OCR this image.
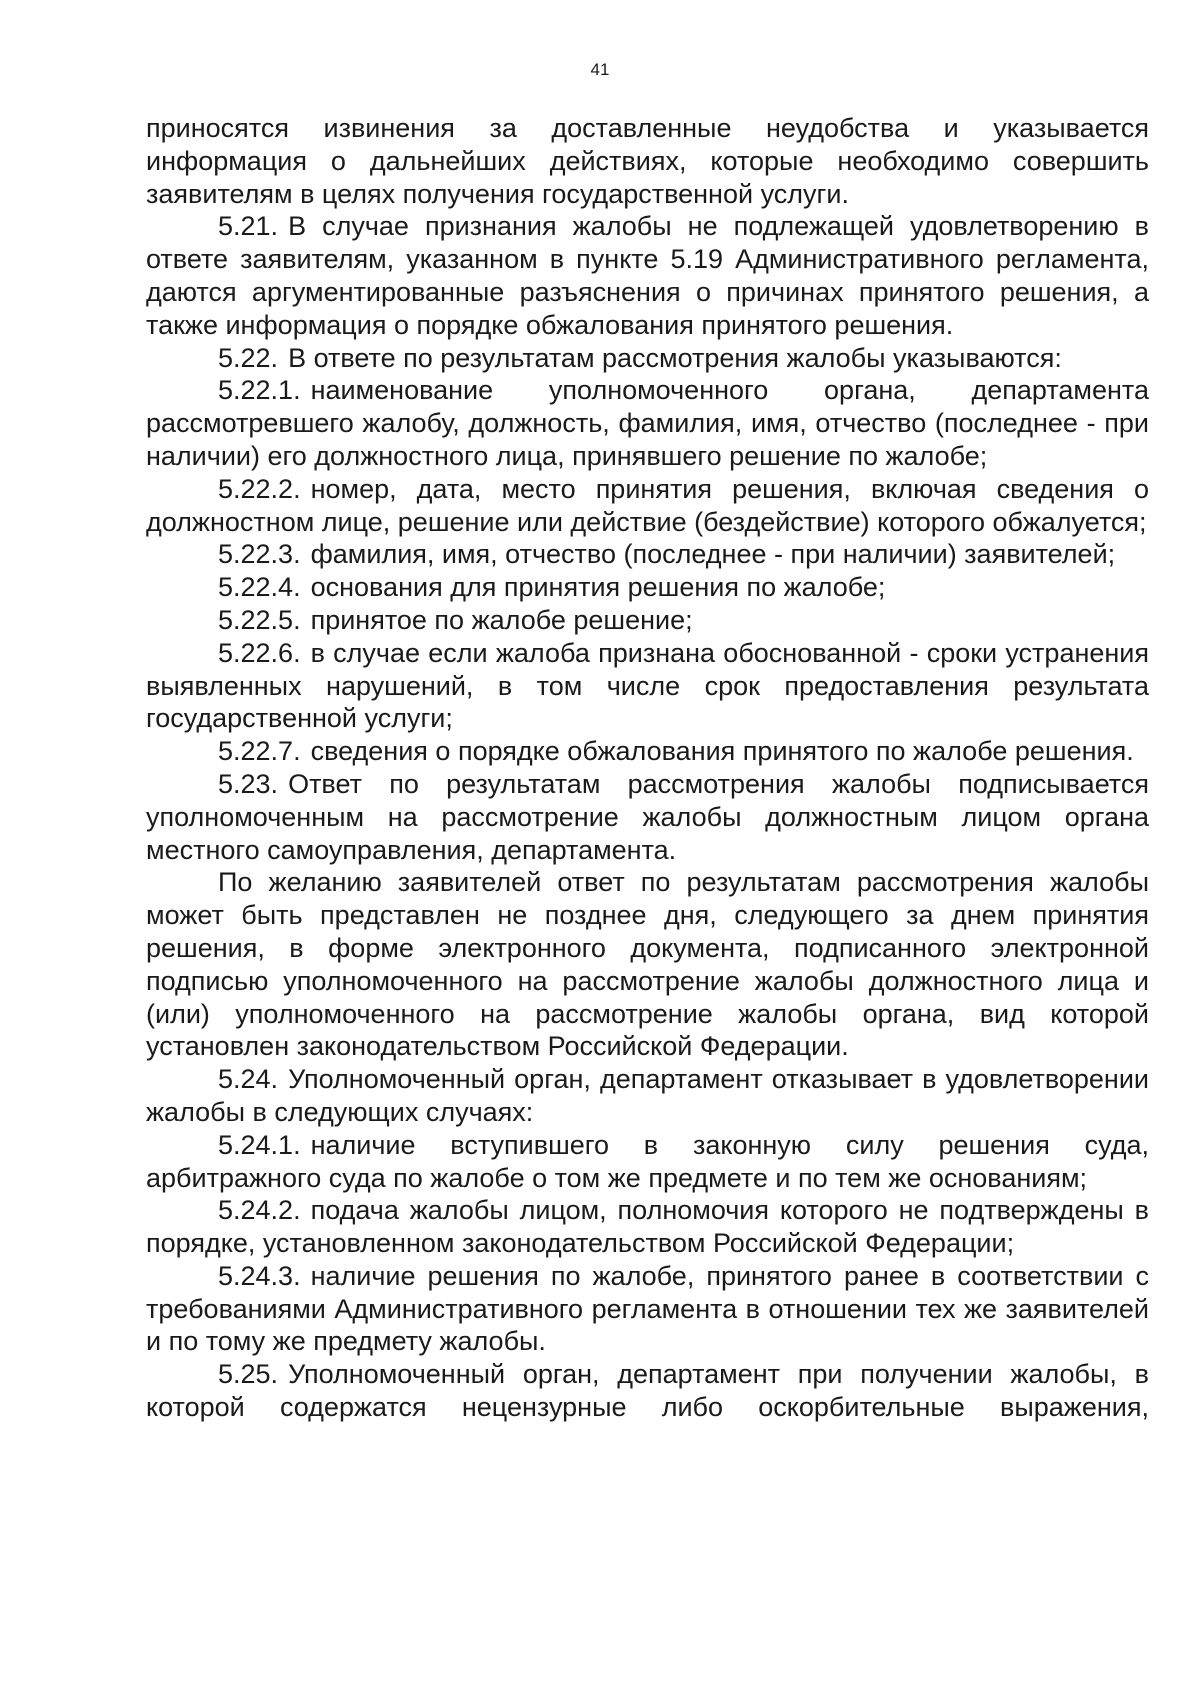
41

приносятся извинения за доставленные неудобства и указывается информация о дальнейших действиях, которые необходимо совершить заявителям в целях получения государственной услуги.

5.21. В случае признания жалобы не подлежащей удовлетворению в ответе заявителям, указанном в пункте 5.19 Административного регламента, даются аргументированные разъяснения о причинах принятого решения, а также информация о порядке обжалования принятого решения.

5.22. В ответе по результатам рассмотрения жалобы указываются:

5.22.1. наименование уполномоченного органа, департамента рассмотревшего жалобу, должность, фамилия, имя, отчество (последнее - при наличии) его должностного лица, принявшего решение по жалобе;

5.22.2. номер, дата, место принятия решения, включая сведения о должностном лице, решение или действие (бездействие) которого обжалуется;

5.22.3. фамилия, имя, отчество (последнее - при наличии) заявителей;

5.22.4. основания для принятия решения по жалобе;

5.22.5. принятое по жалобе решение;

5.22.6. в случае если жалоба признана обоснованной - сроки устранения выявленных нарушений, в том числе срок предоставления результата государственной услуги;

5.22.7. сведения о порядке обжалования принятого по жалобе решения.

5.23. Ответ по результатам рассмотрения жалобы подписывается уполномоченным на рассмотрение жалобы должностным лицом органа местного самоуправления, департамента.

По желанию заявителей ответ по результатам рассмотрения жалобы может быть представлен не позднее дня, следующего за днем принятия решения, в форме электронного документа, подписанного электронной подписью уполномоченного на рассмотрение жалобы должностного лица и (или) уполномоченного на рассмотрение жалобы органа, вид которой установлен законодательством Российской Федерации.

5.24. Уполномоченный орган, департамент отказывает в удовлетворении жалобы в следующих случаях:

5.24.1. наличие вступившего в законную силу решения суда, арбитражного суда по жалобе о том же предмете и по тем же основаниям;

5.24.2. подача жалобы лицом, полномочия которого не подтверждены в порядке, установленном законодательством Российской Федерации;

5.24.3. наличие решения по жалобе, принятого ранее в соответствии с требованиями Административного регламента в отношении тех же заявителей и по тому же предмету жалобы.

5.25. Уполномоченный орган, департамент при получении жалобы, в которой содержатся нецензурные либо оскорбительные выражения,
